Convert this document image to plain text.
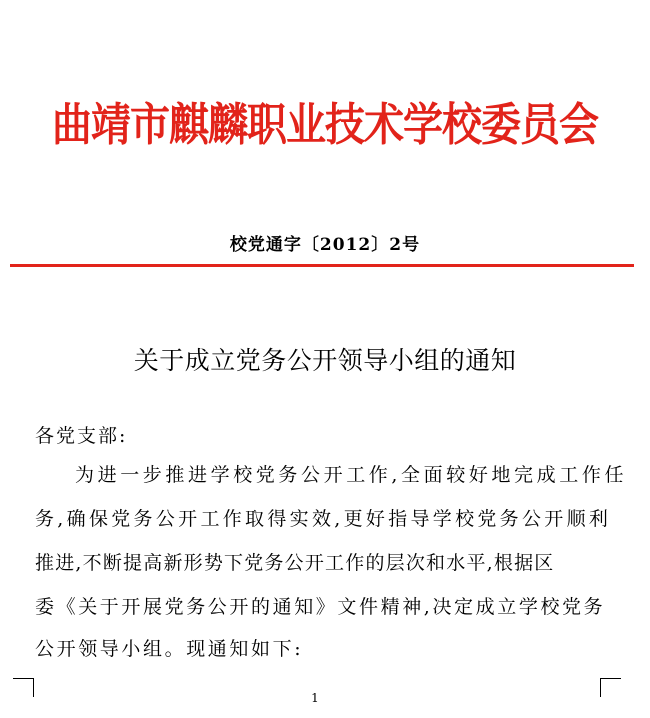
曲靖市麒麟职业技术学校委员会
校党通字〔2012〕2号
关于成立党务公开领导小组的通知
各党支部:
为进一步推进学校党务公开工作,全面较好地完成工作任
务,确保党务公开工作取得实效,更好指导学校党务公开顺利
推进,不断提高新形势下党务公开工作的层次和水平,根据区
委《关于开展党务公开的通知》文件精神,决定成立学校党务
公开领导小组。现通知如下:
1
